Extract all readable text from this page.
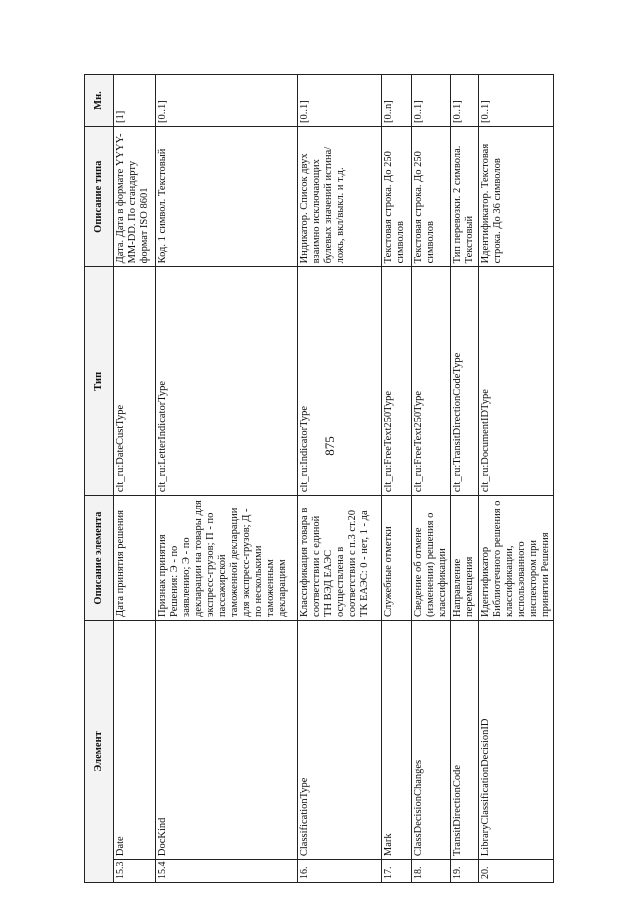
875
Элемент		Описание элемента	Тип	Описание типа	Мн.
15.3	Date	Дата принятия решения	clt_ru:DateCustType	Дата. Дата в формате YYYY-MM-DD. По стандарту формат ISO 8601	[1]
15.4	DocKind	Признак принятия Решения: Э - по заявлению; Э - по декларации на товары для экспресс-грузов; П - по пассажирской таможенной декларации для экспресс-грузов; Д - по несколькими таможенным декларациям	clt_ru:LetterIndicatorType	Код. 1 символ. Текстовый	[0..1]
16.	ClassificationType	Классификация товара в соответствии с единой ТН ВЭД ЕАЭС осуществлена в соответствии с п.3 ст.20 ТК ЕАЭС: 0 - нет, 1 - да	clt_ru:IndicatorType	Индикатор. Список двух взаимно исключающих булевых значений истина/ложь, вкл/выкл. и т.д.	[0..1]
17.	Mark	Служебные отметки	clt_ru:FreeText250Type	Текстовая строка. До 250 символов	[0..n]
18.	ClassDecisionChanges	Сведение об отмене (изменении) решения о классификации	clt_ru:FreeText250Type	Текстовая строка. До 250 символов	[0..1]
19.	TransitDirectionCode	Направление перемещения	clt_ru:TransitDirectionCodeType	Тип перевозки. 2 символа. Текстовый	[0..1]
20.	LibraryClassificationDecisionID	Идентификатор Библиотечного решения о классификации, использованного инспектором при принятии Решения	clt_ru:DocumentIDType	Идентификатор. Текстовая строка. До 36 символов	[0..1]
